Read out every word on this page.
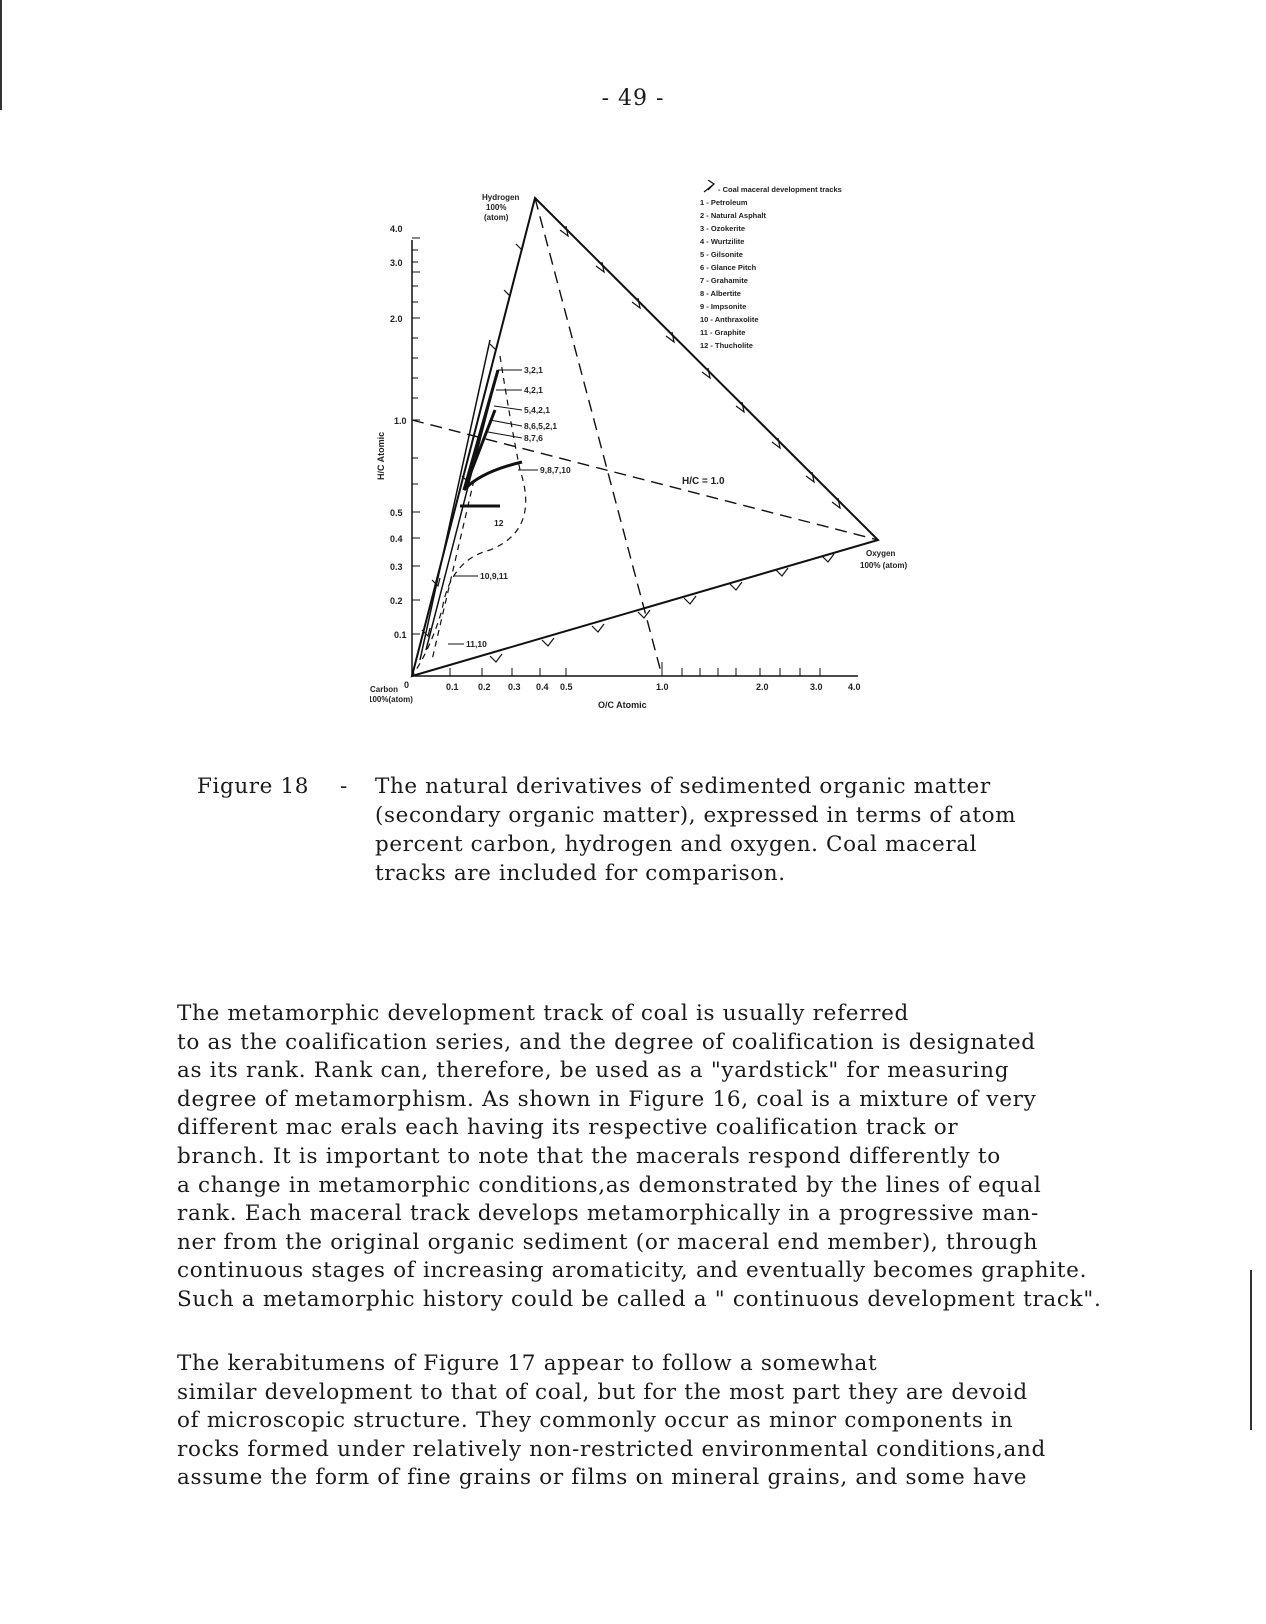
- 49 -
4.0
3.0
2.0
1.0
0.5
0.4
0.3
0.2
0.1
H/C Atomic
0	0.1 0.2 0.3 0.4 0.5	1.0	2.0	3.0	4.0
O/C Atomic
Hydrogen
100%
(atom)
Oxygen
100% (atom)
Carbon
100%(atom)
H/C = 1.0
3,2,1
4,2,1
5,4,2,1
8,6,5,2,1
8,7,6
9,8,7,10
12
10,9,11
11,10
- Coal maceral development tracks
1 - Petroleum
2 - Natural Asphalt
3 - Ozokerite
4 - Wurtzilite
5 - Gilsonite
6 - Glance Pitch
7 - Grahamite
8 - Albertite
9 - Impsonite
10 - Anthraxolite
11 - Graphite
12 - Thucholite
Figure 18 - The natural derivatives of sedimented organic matter
(secondary organic matter), expressed in terms of atom
percent carbon, hydrogen and oxygen. Coal maceral
tracks are included for comparison.
The metamorphic development track of coal is usually referred
to as the coalification series, and the degree of coalification is designated
as its rank. Rank can, therefore, be used as a "yardstick" for measuring
degree of metamorphism. As shown in Figure 16, coal is a mixture of very
different mac erals each having its respective coalification track or
branch. It is important to note that the macerals respond differently to
a change in metamorphic conditions,as demonstrated by the lines of equal
rank. Each maceral track develops metamorphically in a progressive man-
ner from the original organic sediment (or maceral end member), through
continuous stages of increasing aromaticity, and eventually becomes graphite.
Such a metamorphic history could be called a " continuous development track".
The kerabitumens of Figure 17 appear to follow a somewhat
similar development to that of coal, but for the most part they are devoid
of microscopic structure. They commonly occur as minor components in
rocks formed under relatively non-restricted environmental conditions,and
assume the form of fine grains or films on mineral grains, and some have
